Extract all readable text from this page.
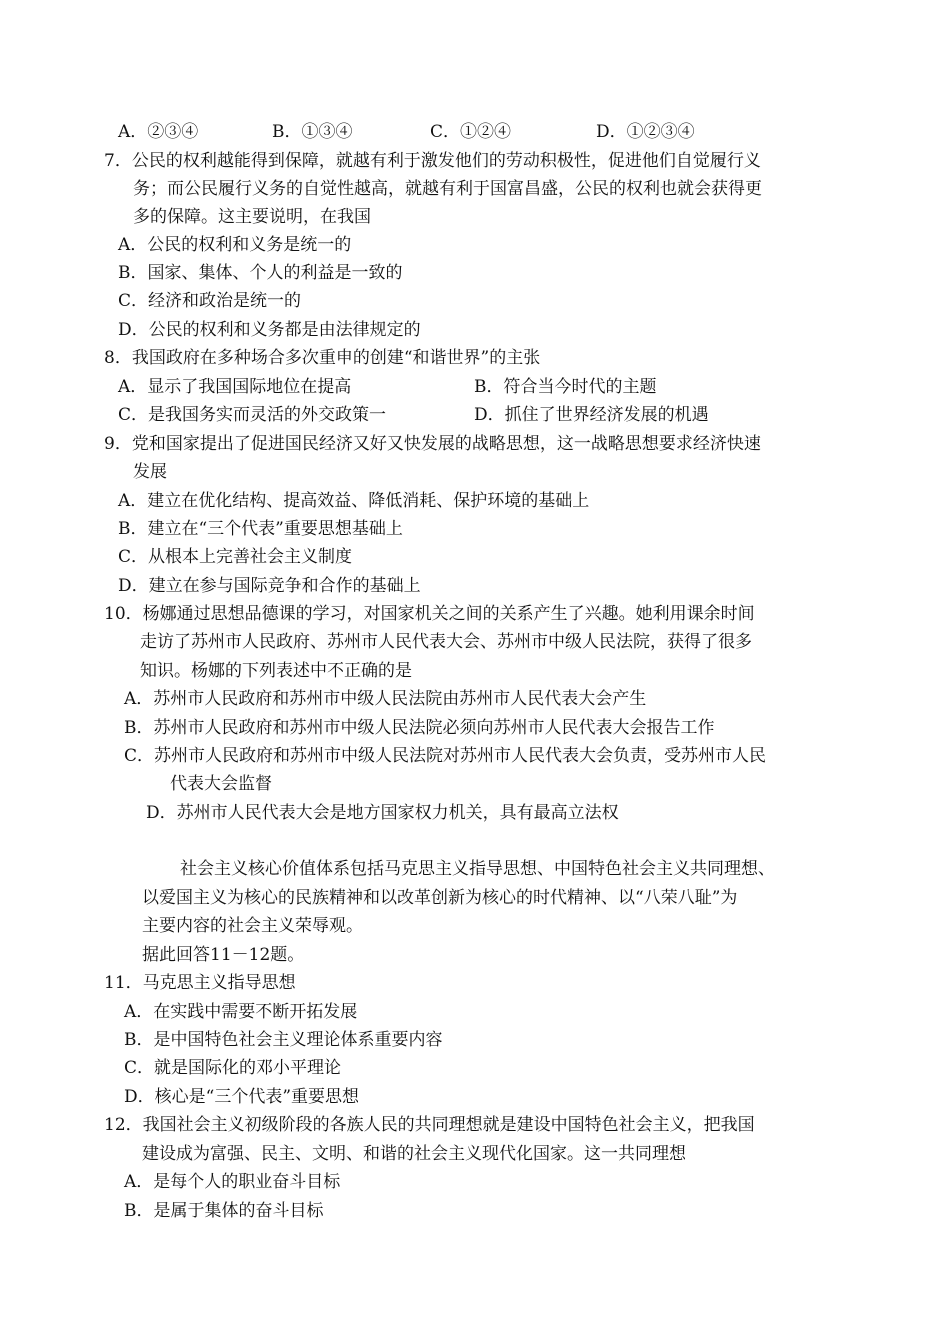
A．②③④	B．①③④	C．①②④	D．①②③④
7．公民的权利越能得到保障，就越有利于激发他们的劳动积极性，促进他们自觉履行义
务；而公民履行义务的自觉性越高，就越有利于国富昌盛，公民的权利也就会获得更
多的保障。这主要说明，在我国
A．公民的权利和义务是统一的
B．国家、集体、个人的利益是一致的
C．经济和政治是统一的
D．公民的权利和义务都是由法律规定的
8．我国政府在多种场合多次重申的创建“和谐世界”的主张
A．显示了我国国际地位在提高	B．符合当今时代的主题
C．是我国务实而灵活的外交政策一	D．抓住了世界经济发展的机遇
9．党和国家提出了促进国民经济又好又快发展的战略思想，这一战略思想要求经济快速
发展
A．建立在优化结构、提高效益、降低消耗、保护环境的基础上
B．建立在“三个代表”重要思想基础上
C．从根本上完善社会主义制度
D．建立在参与国际竞争和合作的基础上
10．杨娜通过思想品德课的学习，对国家机关之间的关系产生了兴趣。她利用课余时间
走访了苏州市人民政府、苏州市人民代表大会、苏州市中级人民法院，获得了很多
知识。杨娜的下列表述中不正确的是
A．苏州市人民政府和苏州市中级人民法院由苏州市人民代表大会产生
B．苏州市人民政府和苏州市中级人民法院必须向苏州市人民代表大会报告工作
C．苏州市人民政府和苏州市中级人民法院对苏州市人民代表大会负责，受苏州市人民
代表大会监督
D．苏州市人民代表大会是地方国家权力机关，具有最高立法权
社会主义核心价值体系包括马克思主义指导思想、中国特色社会主义共同理想、
以爱国主义为核心的民族精神和以改革创新为核心的时代精神、以“八荣八耻”为
主要内容的社会主义荣辱观。
据此回答11－12题。
11．马克思主义指导思想
A．在实践中需要不断开拓发展
B．是中国特色社会主义理论体系重要内容
C．就是国际化的邓小平理论
D．核心是“三个代表”重要思想
12．我国社会主义初级阶段的各族人民的共同理想就是建设中国特色社会主义，把我国
建设成为富强、民主、文明、和谐的社会主义现代化国家。这一共同理想
A．是每个人的职业奋斗目标
B．是属于集体的奋斗目标
